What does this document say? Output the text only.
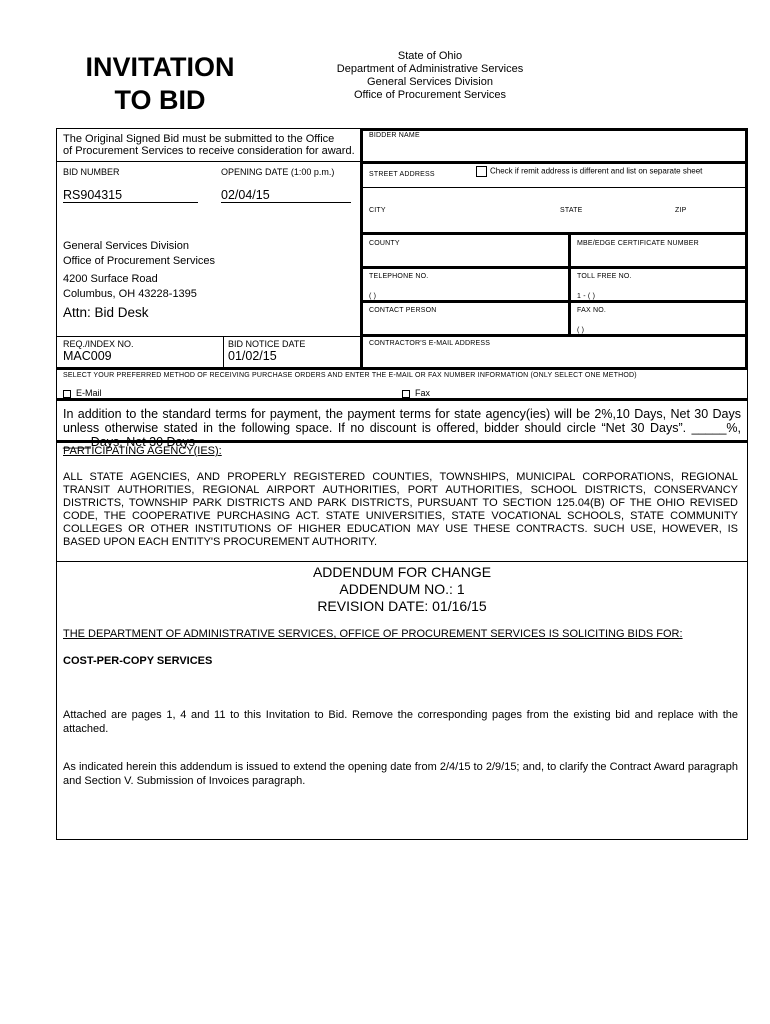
INVITATION
TO BID
State of Ohio
Department of Administrative Services
General Services Division
Office of Procurement Services
The Original Signed Bid must be submitted to the Office
of Procurement Services to receive consideration for award.
BID NUMBER	OPENING DATE (1:00 p.m.)
RS904315	02/04/15
General Services Division
Office of Procurement Services
4200 Surface Road
Columbus, OH 43228-1395
Attn: Bid Desk
REQ./INDEX NO.
MAC009
BID NOTICE DATE
01/02/15
BIDDER NAME
STREET ADDRESS	Check if remit address is different and list on separate sheet
CITY	STATE	ZIP
COUNTY	MBE/EDGE CERTIFICATE NUMBER
TELEPHONE NO.
( )
TOLL FREE NO.
1 - ( )
CONTACT PERSON	FAX NO.
( )
CONTRACTOR'S E-MAIL ADDRESS
SELECT YOUR PREFERRED METHOD OF RECEIVING PURCHASE ORDERS AND ENTER THE E-MAIL OR FAX NUMBER INFORMATION (ONLY SELECT ONE METHOD)
E-Mail	Fax
In addition to the standard terms for payment, the payment terms for state agency(ies) will be 2%,10 Days, Net 30 Days unless otherwise stated in the following space. If no discount is offered, bidder should circle “Net 30 Days”. _____%,
PARTICIPATING AGENCY(IES):
ALL STATE AGENCIES, AND PROPERLY REGISTERED COUNTIES, TOWNSHIPS, MUNICIPAL CORPORATIONS, REGIONAL TRANSIT AUTHORITIES, REGIONAL AIRPORT AUTHORITIES, PORT AUTHORITIES, SCHOOL DISTRICTS, CONSERVANCY DISTRICTS, TOWNSHIP PARK DISTRICTS AND PARK DISTRICTS, PURSUANT TO SECTION 125.04(B) OF THE OHIO REVISED CODE, THE COOPERATIVE PURCHASING ACT. STATE UNIVERSITIES, STATE VOCATIONAL SCHOOLS, STATE COMMUNITY COLLEGES OR OTHER INSTITUTIONS OF HIGHER EDUCATION MAY USE THESE CONTRACTS. SUCH USE, HOWEVER, IS BASED UPON EACH ENTITY'S PROCUREMENT AUTHORITY.
ADDENDUM FOR CHANGE
ADDENDUM NO.: 1
REVISION DATE: 01/16/15
THE DEPARTMENT OF ADMINISTRATIVE SERVICES, OFFICE OF PROCUREMENT SERVICES IS SOLICITING BIDS FOR:
COST-PER-COPY SERVICES
Attached are pages 1, 4 and 11 to this Invitation to Bid. Remove the corresponding pages from the existing bid and replace with the attached.
As indicated herein this addendum is issued to extend the opening date from 2/4/15 to 2/9/15; and, to clarify the Contract Award paragraph and Section V. Submission of Invoices paragraph.
